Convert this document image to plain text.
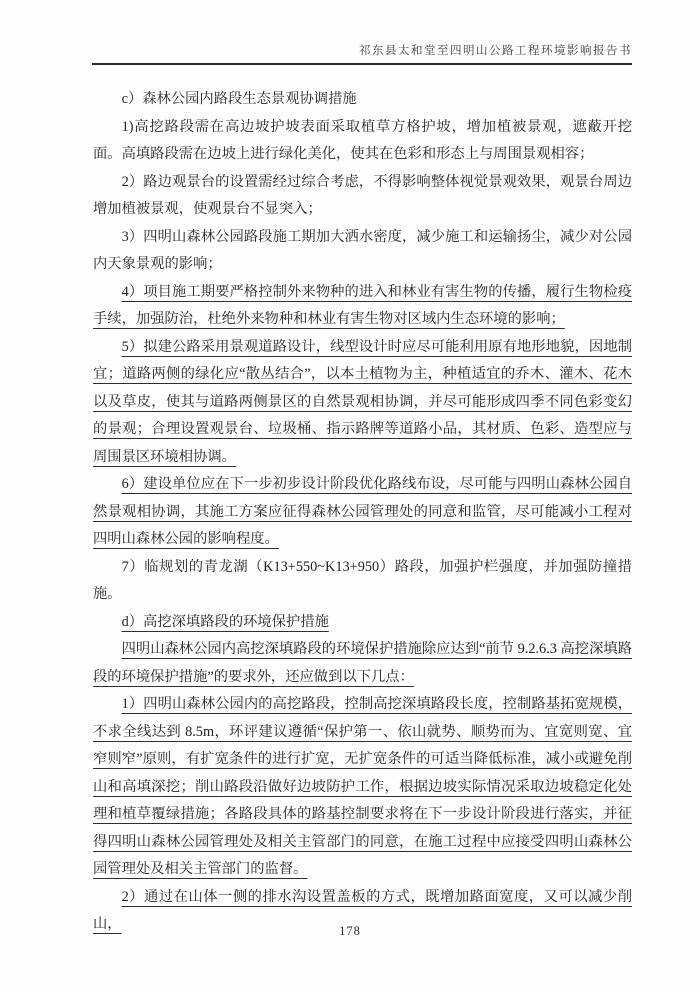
祁东县太和堂至四明山公路工程环境影响报告书

c）森林公园内路段生态景观协调措施

1)高挖路段需在高边坡护坡表面采取植草方格护坡，增加植被景观，遮蔽开挖面。高填路段需在边坡上进行绿化美化，使其在色彩和形态上与周围景观相容；

2）路边观景台的设置需经过综合考虑，不得影响整体视觉景观效果，观景台周边增加植被景观，使观景台不显突入；

3）四明山森林公园路段施工期加大洒水密度，减少施工和运输扬尘，减少对公园内天象景观的影响；

4）项目施工期要严格控制外来物种的进入和林业有害生物的传播，履行生物检疫手续，加强防治，杜绝外来物种和林业有害生物对区域内生态环境的影响；

5）拟建公路采用景观道路设计，线型设计时应尽可能利用原有地形地貌，因地制宜；道路两侧的绿化应“散丛结合”，以本土植物为主，种植适宜的乔木、灌木、花木以及草皮，使其与道路两侧景区的自然景观相协调，并尽可能形成四季不同色彩变幻的景观；合理设置观景台、垃圾桶、指示路牌等道路小品，其材质、色彩、造型应与周围景区环境相协调。

6）建设单位应在下一步初步设计阶段优化路线布设，尽可能与四明山森林公园自然景观相协调，其施工方案应征得森林公园管理处的同意和监管，尽可能减小工程对四明山森林公园的影响程度。

7）临规划的青龙湖（K13+550~K13+950）路段，加强护栏强度，并加强防撞措施。

d）高挖深填路段的环境保护措施

四明山森林公园内高挖深填路段的环境保护措施除应达到“前节 9.2.6.3 高挖深填路段的环境保护措施”的要求外，还应做到以下几点：

1）四明山森林公园内的高挖路段，控制高挖深填路段长度，控制路基拓宽规模，不求全线达到 8.5m，环评建议遵循“保护第一、依山就势、顺势而为、宜宽则宽、宜窄则窄”原则，有扩宽条件的进行扩宽，无扩宽条件的可适当降低标准，减小或避免削山和高填深挖；削山路段沿做好边坡防护工作，根据边坡实际情况采取边坡稳定化处理和植草覆绿措施；各路段具体的路基控制要求将在下一步设计阶段进行落实，并征得四明山森林公园管理处及相关主管部门的同意，在施工过程中应接受四明山森林公园管理处及相关主管部门的监督。

2）通过在山体一侧的排水沟设置盖板的方式，既增加路面宽度，又可以减少削山，	178
